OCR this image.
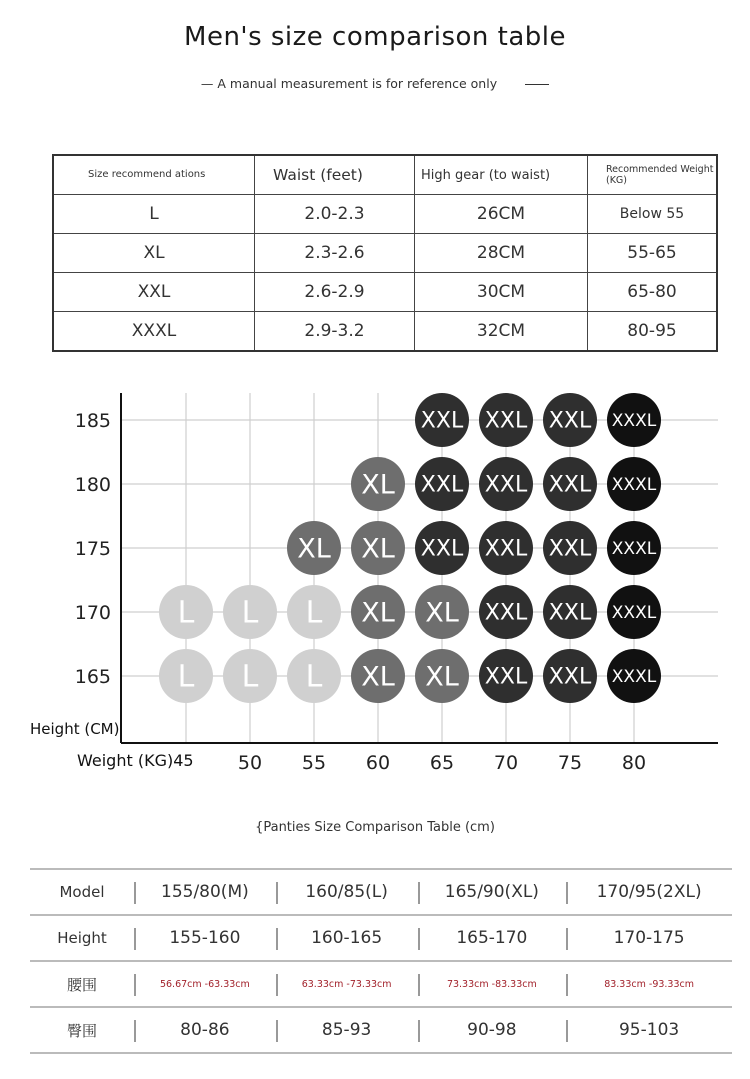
Men's size comparison table
— A manual measurement is for reference only
Size recommend ations	Waist (feet)	High gear (to waist)	Recommended Weight (KG)
L	2.0-2.3	26CM	Below 55
XL	2.3-2.6	28CM	55-65
XXL	2.6-2.9	30CM	65-80
XXXL	2.9-3.2	32CM	80-95
165
170
175
180
185
50 55 60 65 70 75 80
XXL XXL XXL XXXL
XL XXL XXL XXL XXXL
XL XL XXL XXL XXL XXXL
L L L XL XL XXL XXL XXXL
L L L XL XL XXL XXL XXXL
Height (CM)
Weight (KG)45
{Panties Size Comparison Table (cm)
Model	155/80(M)	160/85(L)	165/90(XL)	170/95(2XL)
Height	155-160	160-165	165-170	170-175
腰围	56.67cm -63.33cm	63.33cm -73.33cm	73.33cm -83.33cm	83.33cm -93.33cm
臀围	80-86	85-93	90-98	95-103
